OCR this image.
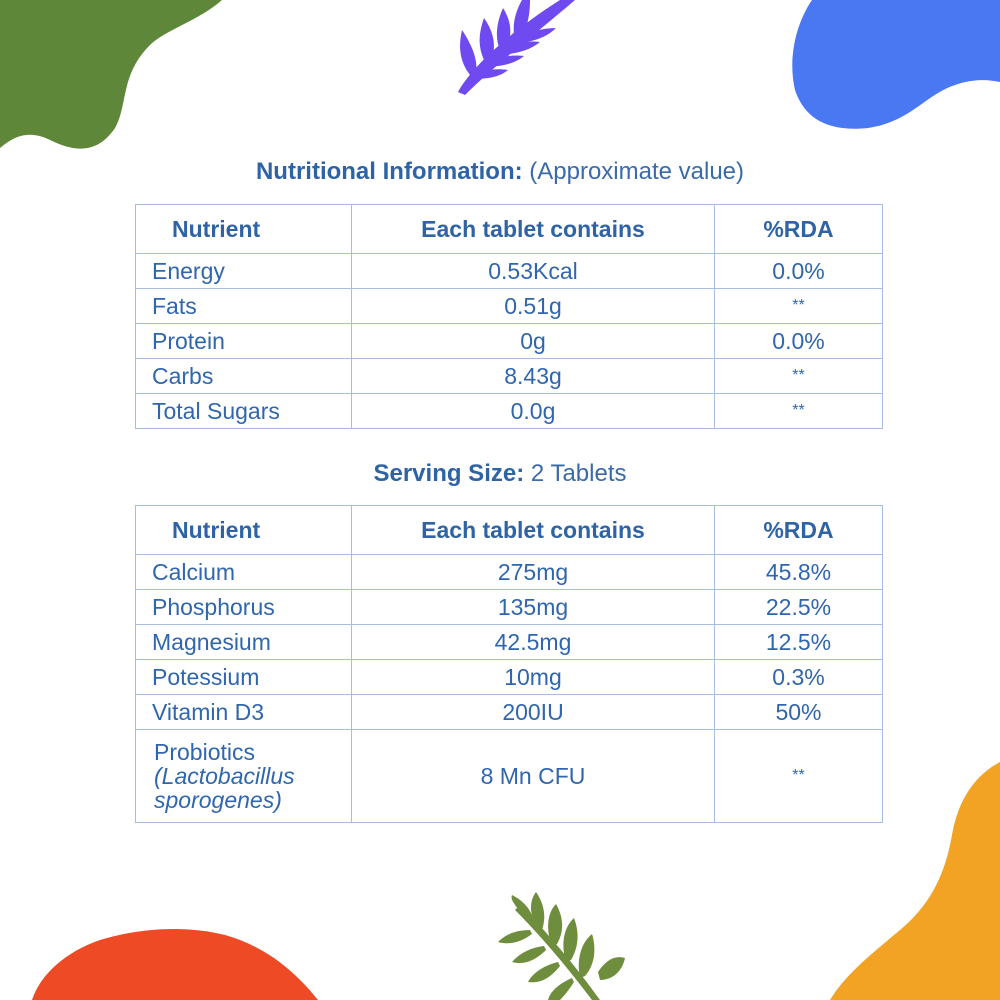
Nutritional Information: (Approximate value)
Nutrient	Each tablet contains	%RDA
Energy	0.53Kcal	0.0%
Fats	0.51g	**
Protein	0g	0.0%
Carbs	8.43g	**
Total Sugars	0.0g	**
Serving Size: 2 Tablets
Nutrient	Each tablet contains	%RDA
Calcium	275mg	45.8%
Phosphorus	135mg	22.5%
Magnesium	42.5mg	12.5%
Potessium	10mg	0.3%
Vitamin D3	200IU	50%
Probiotics
(Lactobacillus
sporogenes)	8 Mn CFU	**
